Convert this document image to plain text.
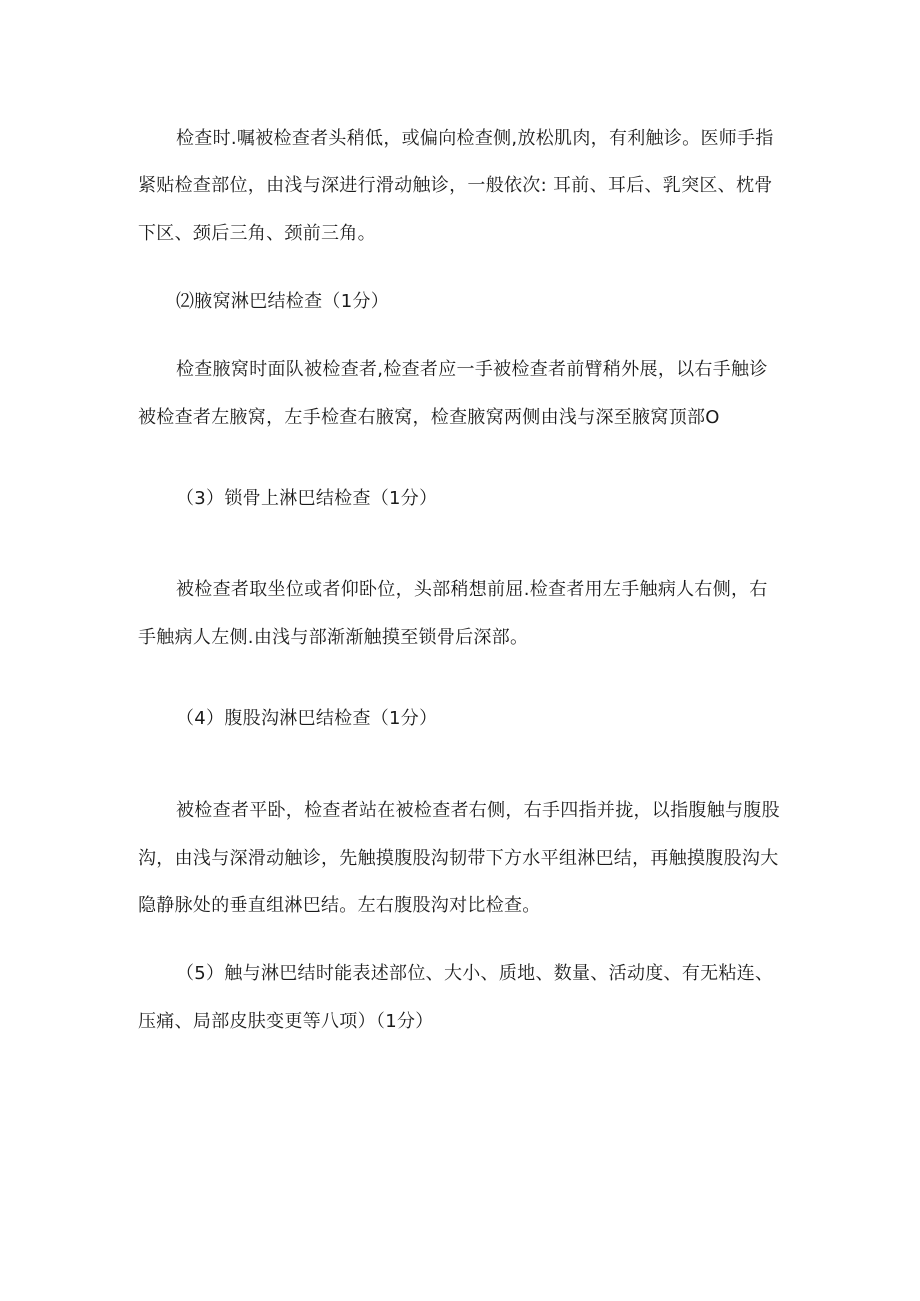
检查时.嘱被检查者头稍低，或偏向检查侧,放松肌肉，有利触诊。医师手指
紧贴检查部位，由浅与深进行滑动触诊，一般依次: 耳前、耳后、乳突区、枕骨
下区、颈后三角、颈前三角。
⑵腋窝淋巴结检查（1分）
检查腋窝时面队被检查者,检查者应一手被检查者前臂稍外展，以右手触诊
被检查者左腋窝，左手检查右腋窝，检查腋窝两侧由浅与深至腋窝顶部O
（3）锁骨上淋巴结检查（1分）
被检查者取坐位或者仰卧位，头部稍想前屈.检查者用左手触病人右侧，右
手触病人左侧.由浅与部渐渐触摸至锁骨后深部。
（4）腹股沟淋巴结检查（1分）
被检查者平卧，检查者站在被检查者右侧，右手四指并拢，以指腹触与腹股
沟，由浅与深滑动触诊，先触摸腹股沟韧带下方水平组淋巴结，再触摸腹股沟大
隐静脉处的垂直组淋巴结。左右腹股沟对比检查。
（5）触与淋巴结时能表述部位、大小、质地、数量、活动度、有无粘连、
压痛、局部皮肤变更等八项）（1分）
